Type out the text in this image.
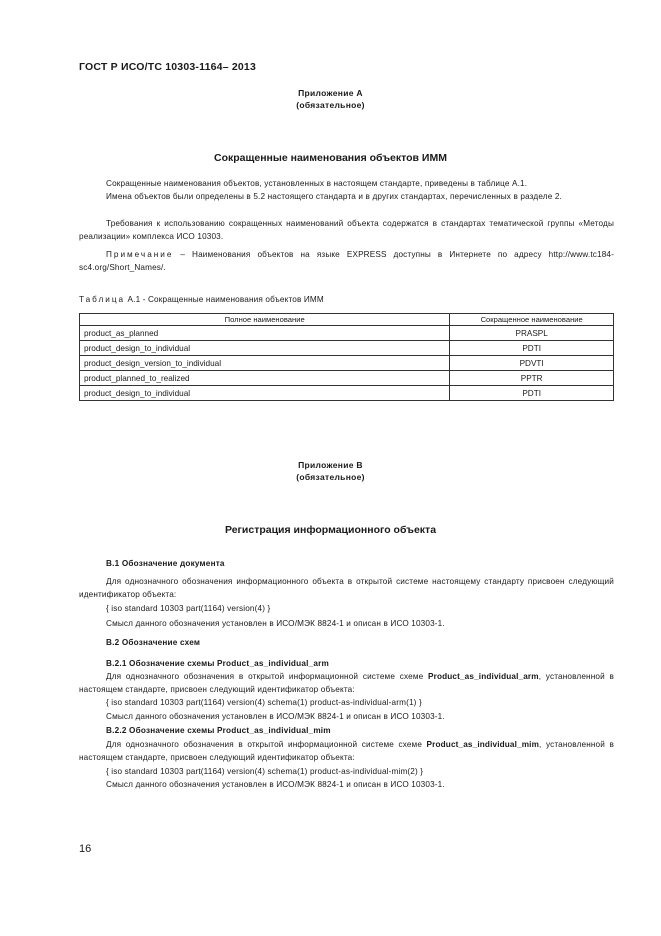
ГОСТ Р ИСО/ТС 10303-1164– 2013
Приложение А
(обязательное)
Сокращенные наименования объектов ИММ
Сокращенные наименования объектов, установленных в настоящем стандарте, приведены в таблице А.1.
Имена объектов были определены в 5.2 настоящего стандарта и в других стандартах, перечисленных в разделе 2.
Требования к использованию сокращенных наименований объекта содержатся в стандартах тематической группы «Методы реализации» комплекса ИСО 10303.
Примечание – Наименования объектов на языке EXPRESS доступны в Интернете по адресу http://www.tc184-sc4.org/Short_Names/.
Таблица А.1 - Сокращенные наименования объектов ИММ
Полное наименование	Сокращенное наименование
product_as_planned	PRASPL
product_design_to_individual	PDTI
product_design_version_to_individual	PDVTI
product_planned_to_realized	PPTR
product_design_to_individual	PDTI
Приложение В
(обязательное)
Регистрация информационного объекта
В.1 Обозначение документа
Для однозначного обозначения информационного объекта в открытой системе настоящему стандарту присвоен следующий идентификатор объекта:
{ iso standard 10303 part(1164) version(4) }
Смысл данного обозначения установлен в ИСО/МЭК 8824-1 и описан в ИСО 10303-1.
В.2 Обозначение схем
В.2.1 Обозначение схемы Product_as_individual_arm
Для однозначного обозначения в открытой информационной системе схеме Product_as_individual_arm, установленной в настоящем стандарте, присвоен следующий идентификатор объекта:
{ iso standard 10303 part(1164) version(4) schema(1) product-as-individual-arm(1) }
Смысл данного обозначения установлен в ИСО/МЭК 8824-1 и описан в ИСО 10303-1.
В.2.2 Обозначение схемы Product_as_individual_mim
Для однозначного обозначения в открытой информационной системе схеме Product_as_individual_mim, установленной в настоящем стандарте, присвоен следующий идентификатор объекта:
{ iso standard 10303 part(1164) version(4) schema(1) product-as-individual-mim(2) }
Смысл данного обозначения установлен в ИСО/МЭК 8824-1 и описан в ИСО 10303-1.
16
